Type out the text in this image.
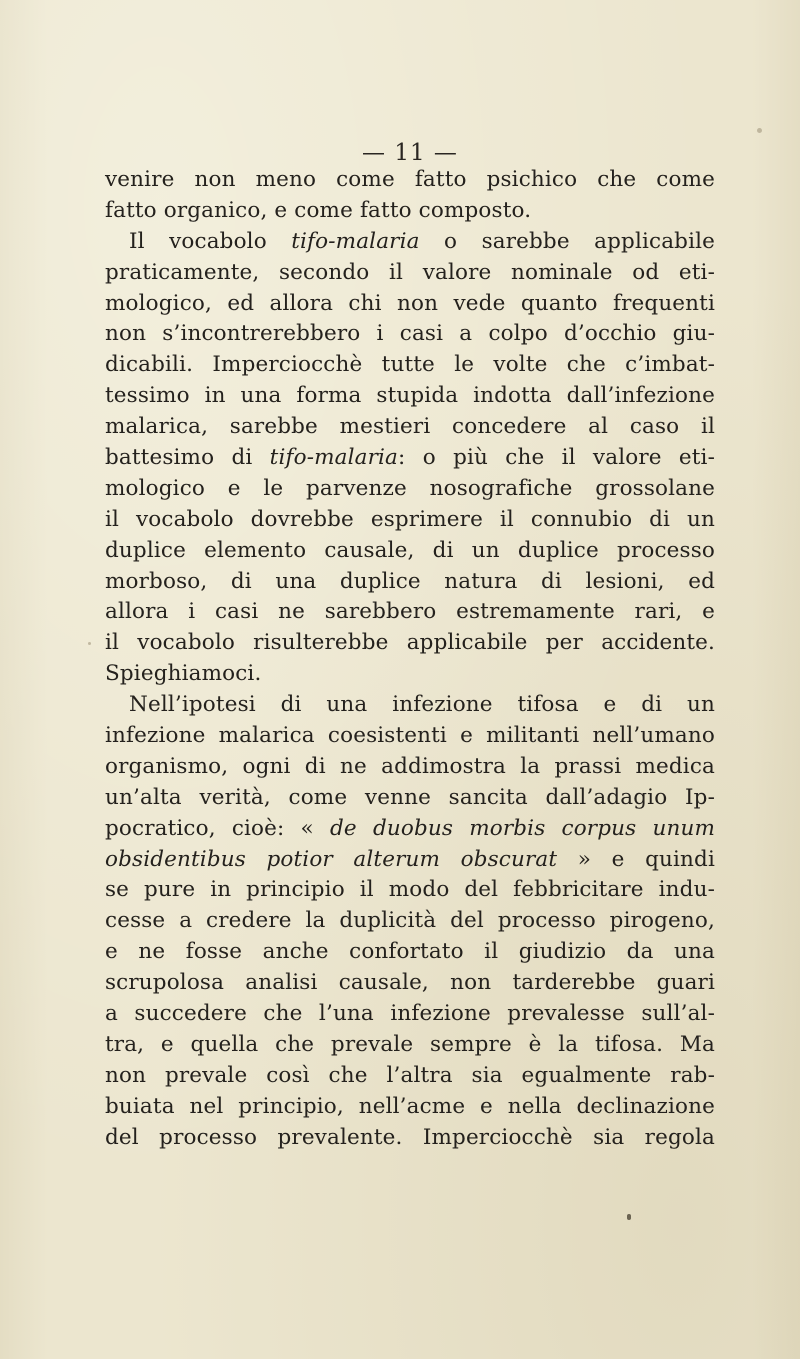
— 11 —
venire non meno come fatto psichico che come
fatto organico, e come fatto composto.
Il vocabolo tifo-malaria o sarebbe applicabile
praticamente, secondo il valore nominale od eti-
mologico, ed allora chi non vede quanto frequenti
non s’incontrerebbero i casi a colpo d’occhio giu-
dicabili. Imperciocchè tutte le volte che c’imbat-
tessimo in una forma stupida indotta dall’infezione
malarica, sarebbe mestieri concedere al caso il
battesimo di tifo-malaria: o più che il valore eti-
mologico e le parvenze nosografiche grossolane
il vocabolo dovrebbe esprimere il connubio di un
duplice elemento causale, di un duplice processo
morboso, di una duplice natura di lesioni, ed
allora i casi ne sarebbero estremamente rari, e
il vocabolo risulterebbe applicabile per accidente.
Spieghiamoci.
Nell’ipotesi di una infezione tifosa e di un
infezione malarica coesistenti e militanti nell’umano
organismo, ogni di ne addimostra la prassi medica
un’alta verità, come venne sancita dall’adagio Ip-
pocratico, cioè: « de duobus morbis corpus unum
obsidentibus potior alterum obscurat » e quindi
se pure in principio il modo del febbricitare indu-
cesse a credere la duplicità del processo pirogeno,
e ne fosse anche confortato il giudizio da una
scrupolosa analisi causale, non tarderebbe guari
a succedere che l’una infezione prevalesse sull’al-
tra, e quella che prevale sempre è la tifosa. Ma
non prevale così che l’altra sia egualmente rab-
buiata nel principio, nell’acme e nella declinazione
del processo prevalente. Imperciocchè sia regola
